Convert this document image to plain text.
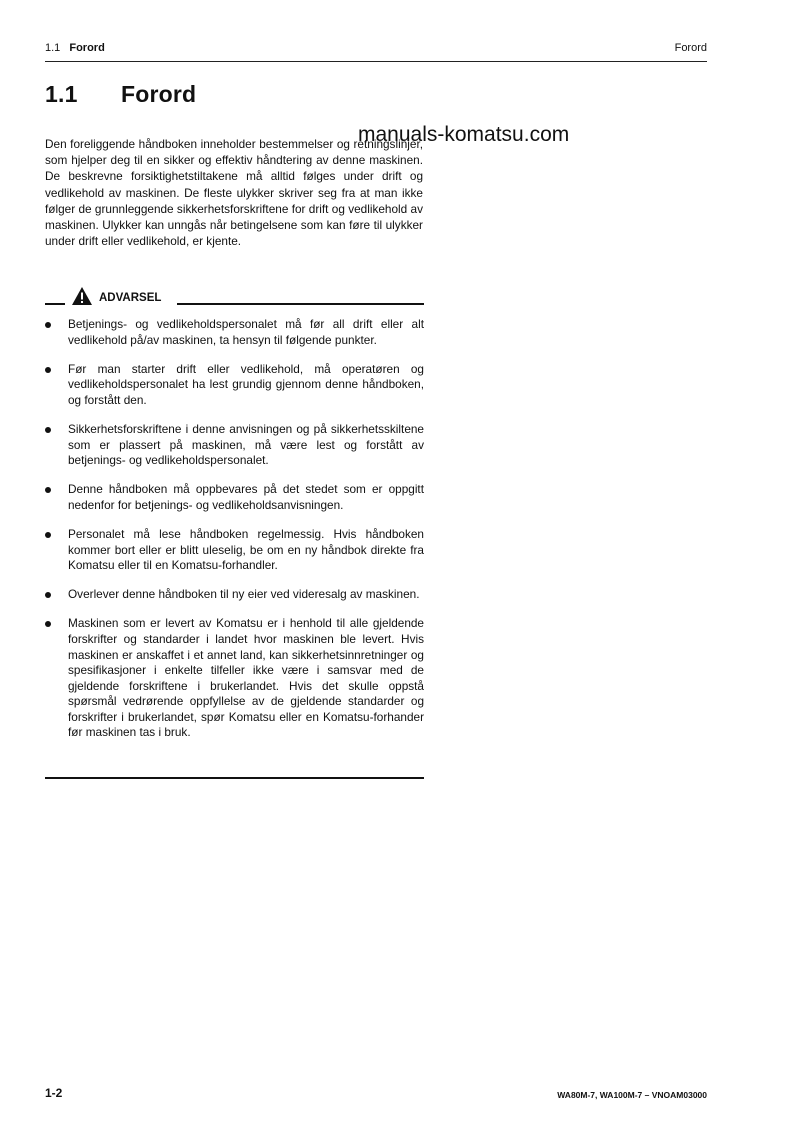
1.1 Forord	Forord
1.1 Forord
manuals-komatsu.com
Den foreliggende håndboken inneholder bestemmelser og retningslinjer, som hjelper deg til en sikker og effektiv håndtering av denne maskinen. De beskrevne forsiktighetstiltakene må alltid følges under drift og vedlikehold av maskinen. De fleste ulykker skriver seg fra at man ikke følger de grunnleggende sikkerhetsforskriftene for drift og vedlikehold av maskinen. Ulykker kan unngås når betingelsene som kan føre til ulykker under drift eller vedlikehold, er kjente.
ADVARSEL
Betjenings- og vedlikeholdspersonalet må før all drift eller alt vedlikehold på/av maskinen, ta hensyn til følgende punkter.
Før man starter drift eller vedlikehold, må operatøren og vedlikeholdspersonalet ha lest grundig gjennom denne håndboken, og forstått den.
Sikkerhetsforskriftene i denne anvisningen og på sikkerhetsskiltene som er plassert på maskinen, må være lest og forstått av betjenings- og vedlikeholdspersonalet.
Denne håndboken må oppbevares på det stedet som er oppgitt nedenfor for betjenings- og vedlikeholdsanvisningen.
Personalet må lese håndboken regelmessig. Hvis håndboken kommer bort eller er blitt uleselig, be om en ny håndbok direkte fra Komatsu eller til en Komatsu-forhandler.
Overlever denne håndboken til ny eier ved videresalg av maskinen.
Maskinen som er levert av Komatsu er i henhold til alle gjeldende forskrifter og standarder i landet hvor maskinen ble levert. Hvis maskinen er anskaffet i et annet land, kan sikkerhetsinnretninger og spesifikasjoner i enkelte tilfeller ikke være i samsvar med de gjeldende forskriftene i brukerlandet. Hvis det skulle oppstå spørsmål vedrørende oppfyllelse av de gjeldende standarder og forskrifter i brukerlandet, spør Komatsu eller en Komatsu-forhander før maskinen tas i bruk.
1-2	WA80M-7, WA100M-7 – VNOAM03000
